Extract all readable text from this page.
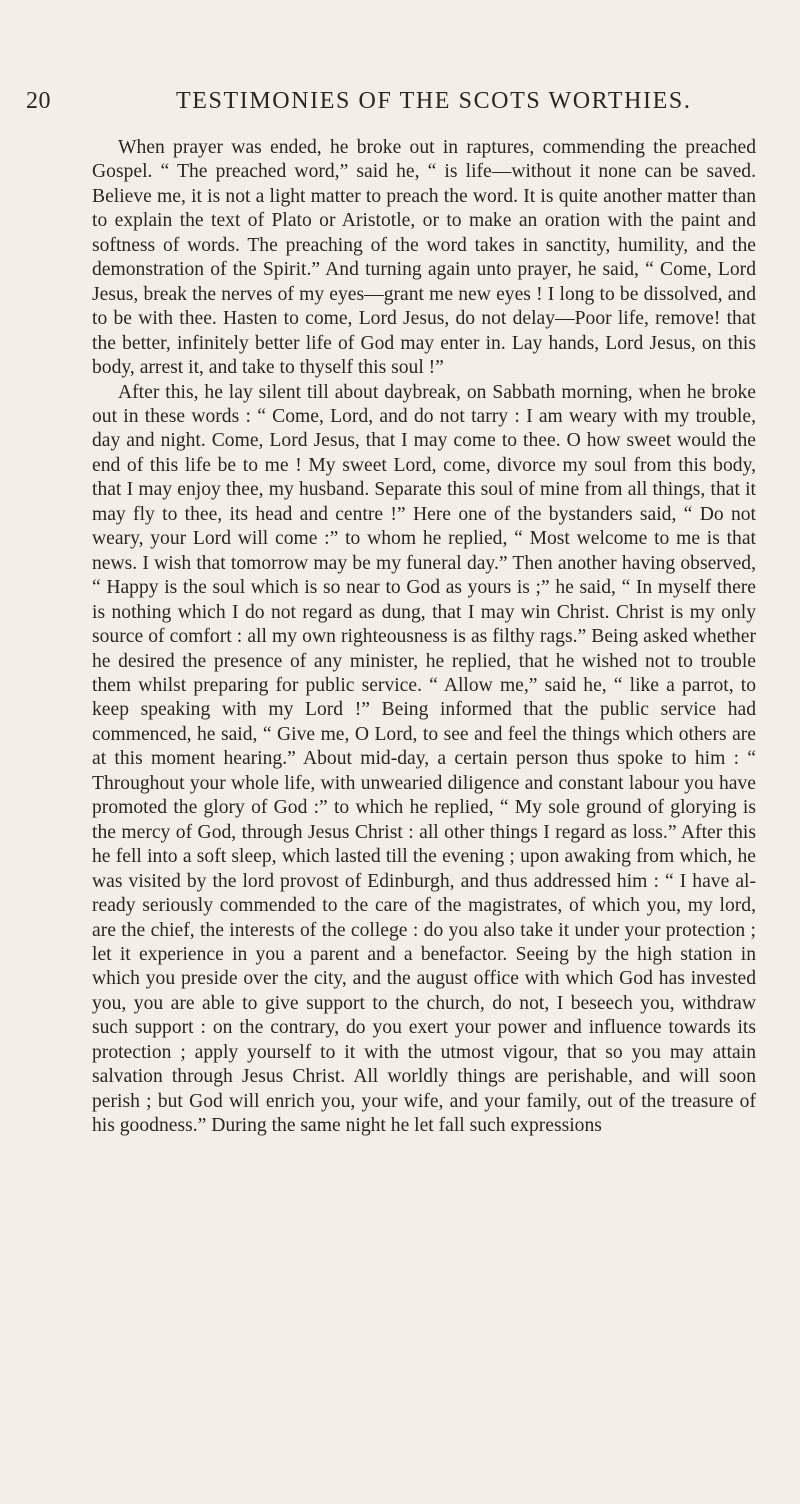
20	TESTIMONIES OF THE SCOTS WORTHIES.

When prayer was ended, he broke out in raptures, commending the preached Gospel. “ The preached word,” said he, “ is life—without it none can be saved. Believe me, it is not a light matter to preach the word. It is quite another matter than to explain the text of Plato or Aristotle, or to make an oration with the paint and softness of words. The preaching of the word takes in sanctity, humility, and the demonstration of the Spirit.” And turning again unto prayer, he said, “ Come, Lord Jesus, break the nerves of my eyes—grant me new eyes ! I long to be dissolved, and to be with thee. Hasten to come, Lord Jesus, do not delay—Poor life, remove! that the better, infinitely better life of God may enter in. Lay hands, Lord Jesus, on this body, arrest it, and take to thyself this soul !”

After this, he lay silent till about daybreak, on Sabbath morning, when he broke out in these words : “ Come, Lord, and do not tarry : I am weary with my trouble, day and night. Come, Lord Jesus, that I may come to thee. O how sweet would the end of this life be to me ! My sweet Lord, come, divorce my soul from this body, that I may enjoy thee, my husband. Separate this soul of mine from all things, that it may fly to thee, its head and centre !” Here one of the bystanders said, “ Do not weary, your Lord will come :” to whom he replied, “ Most welcome to me is that news. I wish that tomorrow may be my funeral day.” Then another having observed, “ Happy is the soul which is so near to God as yours is ;” he said, “ In myself there is nothing which I do not regard as dung, that I may win Christ. Christ is my only source of comfort : all my own righteousness is as filthy rags.” Being asked whether he desired the presence of any minister, he replied, that he wished not to trouble them whilst preparing for public service. “ Allow me,” said he, “ like a parrot, to keep speaking with my Lord !” Being informed that the public service had commenced, he said, “ Give me, O Lord, to see and feel the things which others are at this moment hearing.” About mid-day, a certain person thus spoke to him : “ Throughout your whole life, with unwearied diligence and constant labour you have promoted the glory of God :” to which he replied, “ My sole ground of glorying is the mercy of God, through Jesus Christ : all other things I regard as loss.” After this he fell into a soft sleep, which lasted till the evening ; upon awaking from which, he was visited by the lord provost of Edinburgh, and thus addressed him : “ I have already seriously commended to the care of the magistrates, of which you, my lord, are the chief, the interests of the college : do you also take it under your protection ; let it experience in you a parent and a benefactor. Seeing by the high station in which you preside over the city, and the august office with which God has invested you, you are able to give support to the church, do not, I beseech you, withdraw such support : on the contrary, do you exert your power and influence towards its protection ; apply yourself to it with the utmost vigour, that so you may attain salvation through Jesus Christ. All worldly things are perishable, and will soon perish ; but God will enrich you, your wife, and your family, out of the treasure of his goodness.” During the same night he let fall such expressions
